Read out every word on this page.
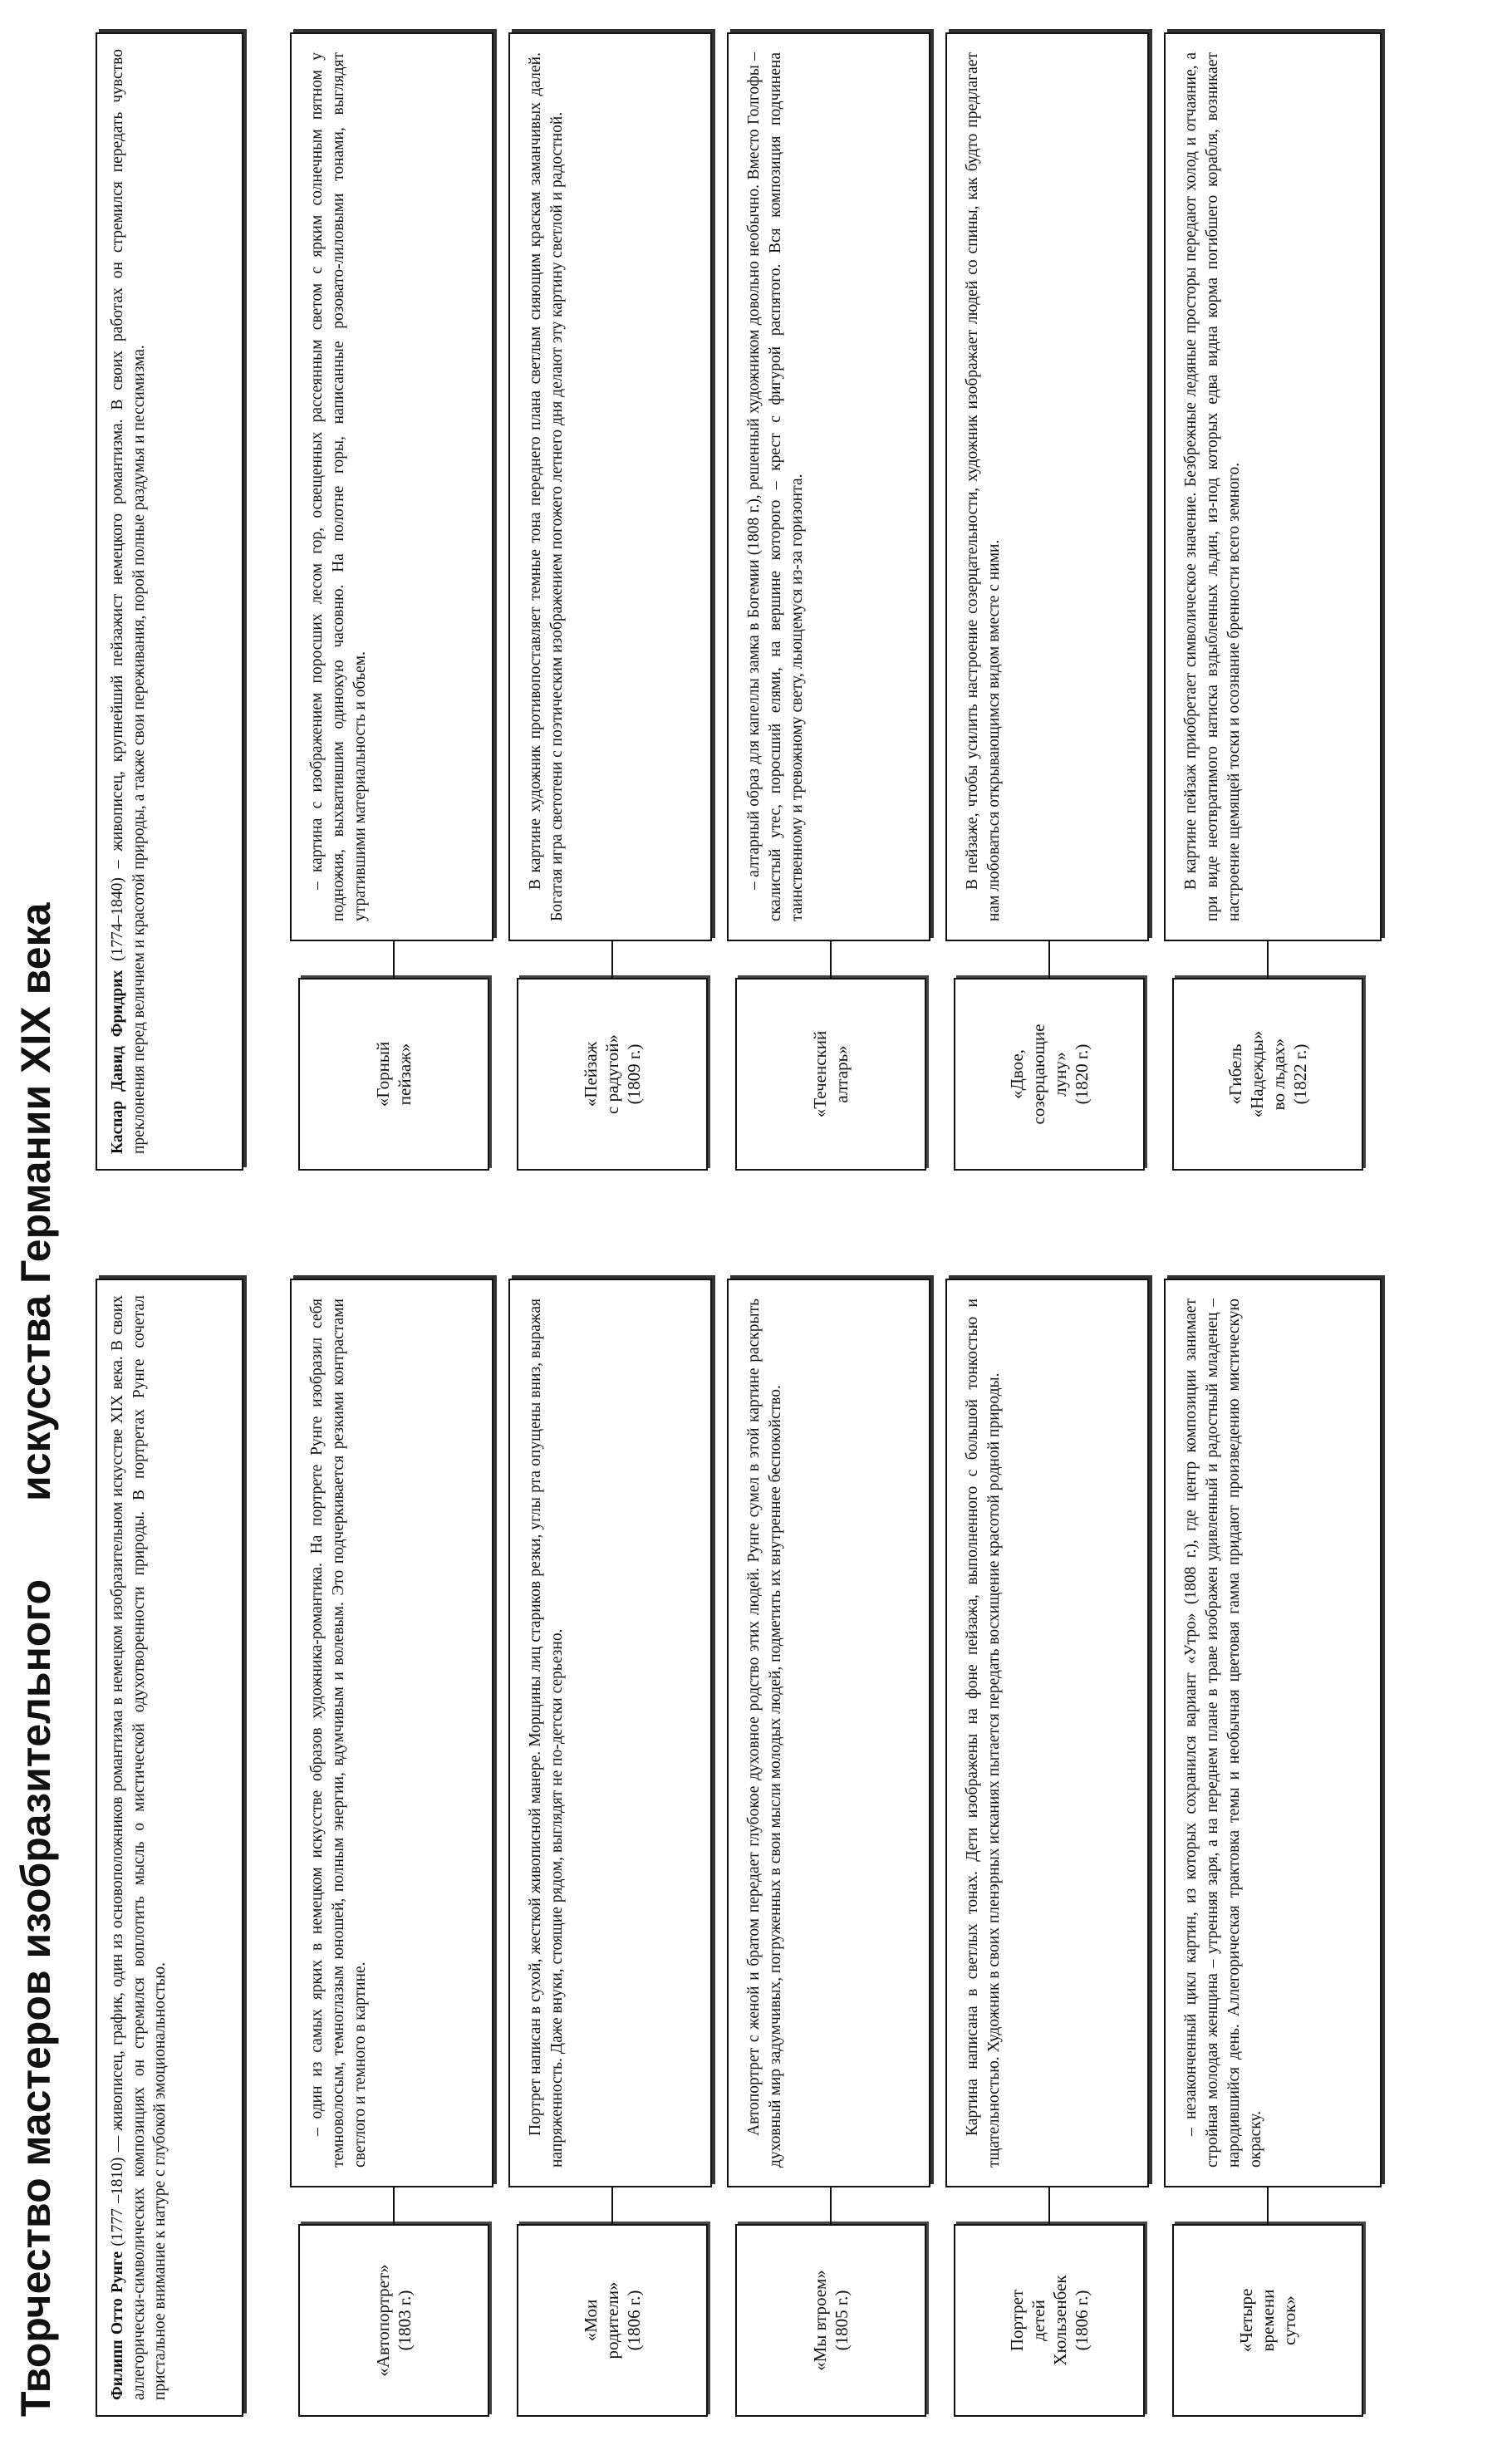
Творчество мастеров изобразительного искусства Германии XIX века
Филипп Отто Рунге (1777 –1810) — живописец, график, один из основоположников романтизма в немецком изобразительном искусстве XIX века. В своих аллегорически-символических композициях он стремился воплотить мысль о мистической одухотворенности природы. В портретах Рунге сочетал пристальное внимание к натуре с глубокой эмоциональностью.	«Автопортрет»
(1803 г.)
– один из самых ярких в немецком искусстве образов художника-романтика. На портрете Рунге изобразил себя темноволосым, темноглазым юношей, полным энергии, вдумчивым и волевым. Это подчеркивается резкими контрастами светлого и темного в картине.
«Мои
родители»
(1806 г.)
Портрет написан в сухой, жесткой живописной манере. Морщины лиц стариков резки, углы рта опущены вниз, выражая напряженность. Даже внуки, стоящие рядом, выглядят не по-детски серьезно.
«Мы втроем»
(1805 г.)
Автопортрет с женой и братом передает глубокое духовное родство этих людей. Рунге сумел в этой картине раскрыть духовный мир задумчивых, погруженных в свои мысли молодых людей, подметить их внутреннее беспокойство.
Портрет
детей
Хюльзенбек
(1806 г.)
Картина написана в светлых тонах. Дети изображены на фоне пейзажа, выполненного с большой тонкостью и тщательностью. Художник в своих пленэрных исканиях пытается передать восхищение красотой родной природы.
«Четыре
времени
суток»
– незаконченный цикл картин, из которых сохранился вариант «Утро» (1808 г.), где центр композиции занимает стройная молодая женщина – утренняя заря, а на переднем плане в траве изображен удивленный и радостный младенец – народившийся день. Аллегорическая трактовка темы и необычная цветовая гамма придают произведению мистическую окраску.
Каспар Давид Фридрих (1774–1840) – живописец, крупнейший пейзажист немецкого романтизма. В своих работах он стремился передать чувство преклонения перед величием и красотой природы, а также свои переживания, порой полные раздумья и пессимизма.	«Горный
пейзаж»
– картина с изображением поросших лесом гор, освещенных рассеянным светом с ярким солнечным пятном у подножия, выхватившим одинокую часовню. На полотне горы, написанные розовато-лиловыми тонами, выглядят утратившими материальность и объем.
«Пейзаж
с радугой»
(1809 г.)
В картине художник противопоставляет темные тона переднего плана светлым сияющим краскам заманчивых далей. Богатая игра светотени с поэтическим изображением погожего летнего дня делают эту картину светлой и радостной.
«Теченский
алтарь»
– алтарный образ для капеллы замка в Богемии (1808 г.), решенный художником довольно необычно. Вместо Голгофы – скалистый утес, поросший елями, на вершине которого – крест с фигурой распятого. Вся композиция подчинена таинственному и тревожному свету, льющемуся из-за горизонта.
«Двое,
созерцающие
луну»
(1820 г.)
В пейзаже, чтобы усилить настроение созерцательности, художник изображает людей со спины, как будто предлагает нам любоваться открывающимся видом вместе с ними.
«Гибель
«Надежды»
во льдах»
(1822 г.)
В картине пейзаж приобретает символическое значение. Безбрежные ледяные просторы передают холод и отчаяние, а при виде неотвратимого натиска вздыбленных льдин, из-под которых едва видна корма погибшего корабля, возникает настроение щемящей тоски и осознание бренности всего земного.
